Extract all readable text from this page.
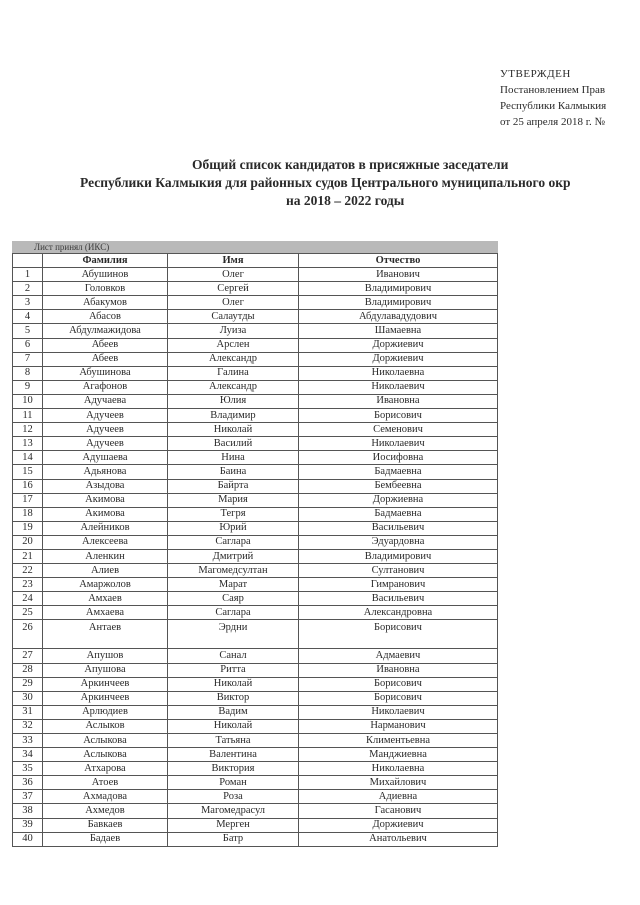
УТВЕРЖДЕН
Постановлением Прав
Республики Калмыкия
от 25 апреля 2018 г. №
Общий список кандидатов в присяжные заседатели
Республики Калмыкия для районных судов Центрального муниципального окр
на 2018 – 2022 годы
Лист принял (ИКС)
	Фамилия	Имя	Отчество
1	Абушинов	Олег	Иванович
2	Головков	Сергей	Владимирович
3	Абакумов	Олег	Владимирович
4	Абасов	Салаутды	Абдулавадудович
5	Абдулмажидова	Луиза	Шамаевна
6	Абеев	Арслен	Доржиевич
7	Абеев	Александр	Доржиевич
8	Абушинова	Галина	Николаевна
9	Агафонов	Александр	Николаевич
10	Адучаева	Юлия	Ивановна
11	Адучеев	Владимир	Борисович
12	Адучеев	Николай	Семенович
13	Адучеев	Василий	Николаевич
14	Адушаева	Нина	Иосифовна
15	Адьянова	Баина	Бадмаевна
16	Азыдова	Байрта	Бембеевна
17	Акимова	Мария	Доржиевна
18	Акимова	Тегря	Бадмаевна
19	Алейников	Юрий	Васильевич
20	Алексеева	Саглара	Эдуардовна
21	Аленкин	Дмитрий	Владимирович
22	Алиев	Магомедсултан	Султанович
23	Амаржолов	Марат	Гимранович
24	Амхаев	Саяр	Васильевич
25	Амхаева	Саглара	Александровна
26	Антаев	Эрдни	Борисович
27	Апушов	Санал	Адмаевич
28	Апушова	Ритта	Ивановна
29	Аркинчеев	Николай	Борисович
30	Аркинчеев	Виктор	Борисович
31	Арлюдиев	Вадим	Николаевич
32	Аслыков	Николай	Нарманович
33	Аслыкова	Татьяна	Климентьевна
34	Аслыкова	Валентина	Манджиевна
35	Атхарова	Виктория	Николаевна
36	Атоев	Роман	Михайлович
37	Ахмадова	Роза	Адиевна
38	Ахмедов	Магомедрасул	Гасанович
39	Бавкаев	Мерген	Доржиевич
40	Бадаев	Батр	Анатольевич
